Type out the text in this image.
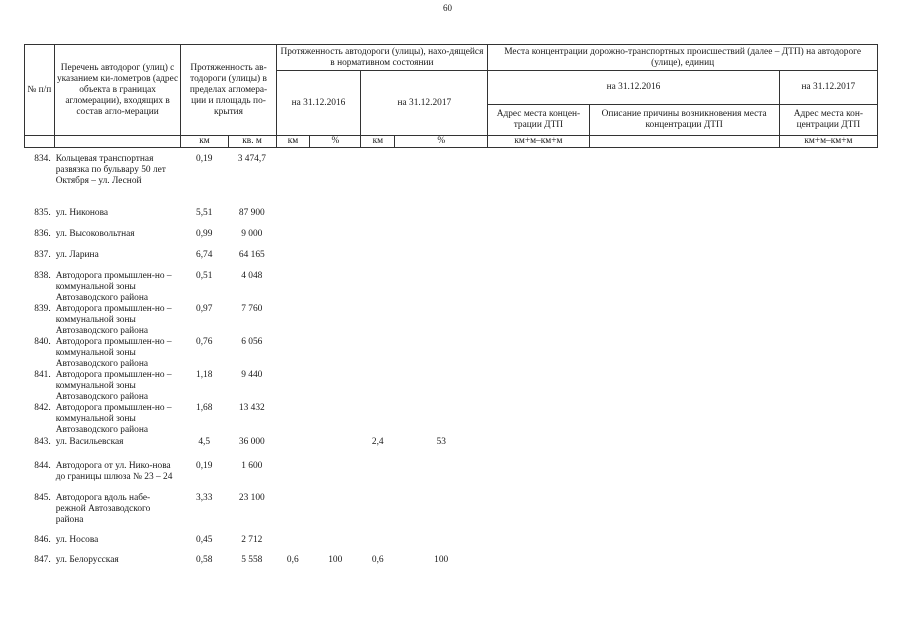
60
№ п/п	Перечень автодорог (улиц) с указанием ки-лометров (адрес объекта в границах агломерации), входящих в состав агло-мерации	Протяженность ав-тодороги (улицы) в пределах агломера-ции и площадь по-крытия		Протяженность автодороги (улицы), нахо-дящейся в нормативном состоянии				Места концентрации дорожно-транспортных происшествий (далее – ДТП) на автодороге (улице), единиц		
				на 31.12.2016		на 31.12.2017		на 31.12.2016		на 31.12.2017
								Адрес места концен-трации ДТП	Описание причины возникновения места концентрации ДТП	Адрес места кон-центрации ДТП
		км	кв. м	км	%	км	%	км+м–км+м		км+м–км+м
834.	Кольцевая транспортная развязка по бульвару 50 лет Октября – ул. Лесной	0,19	3 474,7							
835.	ул. Никонова	5,51	87 900							
836.	ул. Высоковольтная	0,99	9 000							
837.	ул. Ларина	6,74	64 165							
838.	Автодорога промышлен-но – коммунальной зоны Автозаводского района	0,51	4 048							
839.	Автодорога промышлен-но – коммунальной зоны Автозаводского района	0,97	7 760							
840.	Автодорога промышлен-но – коммунальной зоны Автозаводского района	0,76	6 056							
841.	Автодорога промышлен-но – коммунальной зоны Автозаводского района	1,18	9 440							
842.	Автодорога промышлен-но – коммунальной зоны Автозаводского района	1,68	13 432							
843.	ул. Васильевская	4,5	36 000			2,4	53			
844.	Автодорога от ул. Нико-нова до границы шлюза № 23 – 24	0,19	1 600							
845.	Автодорога вдоль набе-режной Автозаводского района	3,33	23 100							
846.	ул. Носова	0,45	2 712							
847.	ул. Белорусская	0,58	5 558	0,6	100	0,6	100			
